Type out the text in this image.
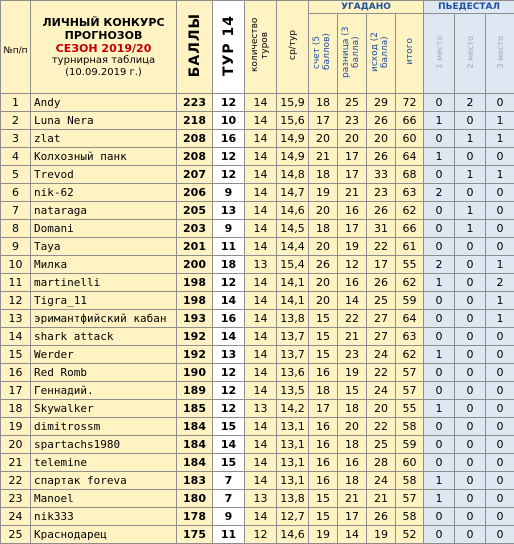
№п/п	ЛИЧНЫЙ КОНКУРС
ПРОГНОЗОВ
СЕЗОН 2019/20
турнирная таблица
(10.09.2019 г.)	БАЛЛЫ	ТУР 14	количество туров	ср/тур	УГАДАНО				ПЬЕДЕСТАЛ		
						счет (5 баллов)	разница (3 балла)	исход (2 балла)	итого	1 место	2 место	3 место
1	Andy	223	12	14	15,9	18	25	29	72	0	2	0
2	Luna Nera	218	10	14	15,6	17	23	26	66	1	0	1
3	zlat	208	16	14	14,9	20	20	20	60	0	1	1
4	Колхозный панк	208	12	14	14,9	21	17	26	64	1	0	0
5	Trevod	207	12	14	14,8	18	17	33	68	0	1	1
6	nik-62	206	9	14	14,7	19	21	23	63	2	0	0
7	nataraga	205	13	14	14,6	20	16	26	62	0	1	0
8	Domani	203	9	14	14,5	18	17	31	66	0	1	0
9	Taya	201	11	14	14,4	20	19	22	61	0	0	0
10	Милка	200	18	13	15,4	26	12	17	55	2	0	1
11	martinelli	198	12	14	14,1	20	16	26	62	1	0	2
12	Tigra_11	198	14	14	14,1	20	14	25	59	0	0	1
13	эримантфийский кабан	193	16	14	13,8	15	22	27	64	0	0	1
14	shark attack	192	14	14	13,7	15	21	27	63	0	0	0
15	Werder	192	13	14	13,7	15	23	24	62	1	0	0
16	Red Romb	190	12	14	13,6	16	19	22	57	0	0	0
17	Геннадий.	189	12	14	13,5	18	15	24	57	0	0	0
18	Skywalker	185	12	13	14,2	17	18	20	55	1	0	0
19	dimitrossm	184	15	14	13,1	16	20	22	58	0	0	0
20	spartachs1980	184	14	14	13,1	16	18	25	59	0	0	0
21	telemine	184	15	14	13,1	16	16	28	60	0	0	0
22	спартак forevа	183	7	14	13,1	16	18	24	58	1	0	0
23	Manoel	180	7	13	13,8	15	21	21	57	1	0	0
24	nik333	178	9	14	12,7	15	17	26	58	0	0	0
25	Краснодарец	175	11	12	14,6	19	14	19	52	0	0	0
